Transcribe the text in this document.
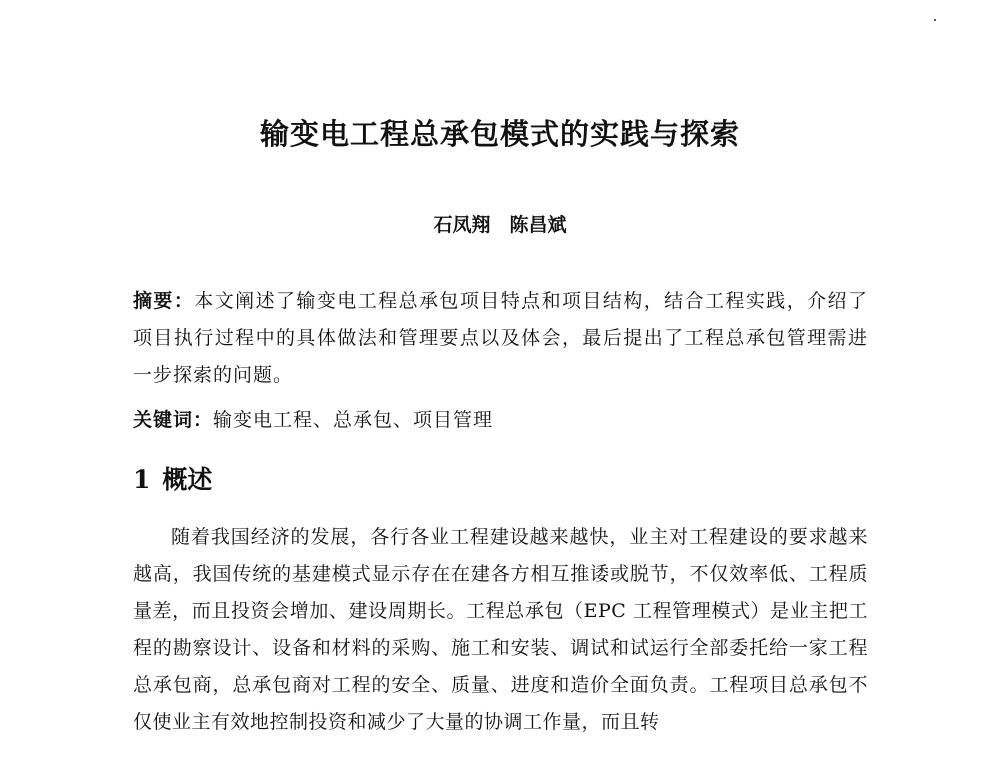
输变电工程总承包模式的实践与探索
石凤翔　陈昌斌
摘要：本文阐述了输变电工程总承包项目特点和项目结构，结合工程实践，介绍了项目执行过程中的具体做法和管理要点以及体会，最后提出了工程总承包管理需进一步探索的问题。
关键词：输变电工程、总承包、项目管理
1 概述

随着我国经济的发展，各行各业工程建设越来越快，业主对工程建设的要求越来越高，我国传统的基建模式显示存在在建各方相互推诿或脱节，不仅效率低、工程质量差，而且投资会增加、建设周期长。工程总承包（EPC 工程管理模式）是业主把工程的勘察设计、设备和材料的采购、施工和安装、调试和试运行全部委托给一家工程总承包商，总承包商对工程的安全、质量、进度和造价全面负责。工程项目总承包不仅使业主有效地控制投资和减少了大量的协调工作量，而且转
